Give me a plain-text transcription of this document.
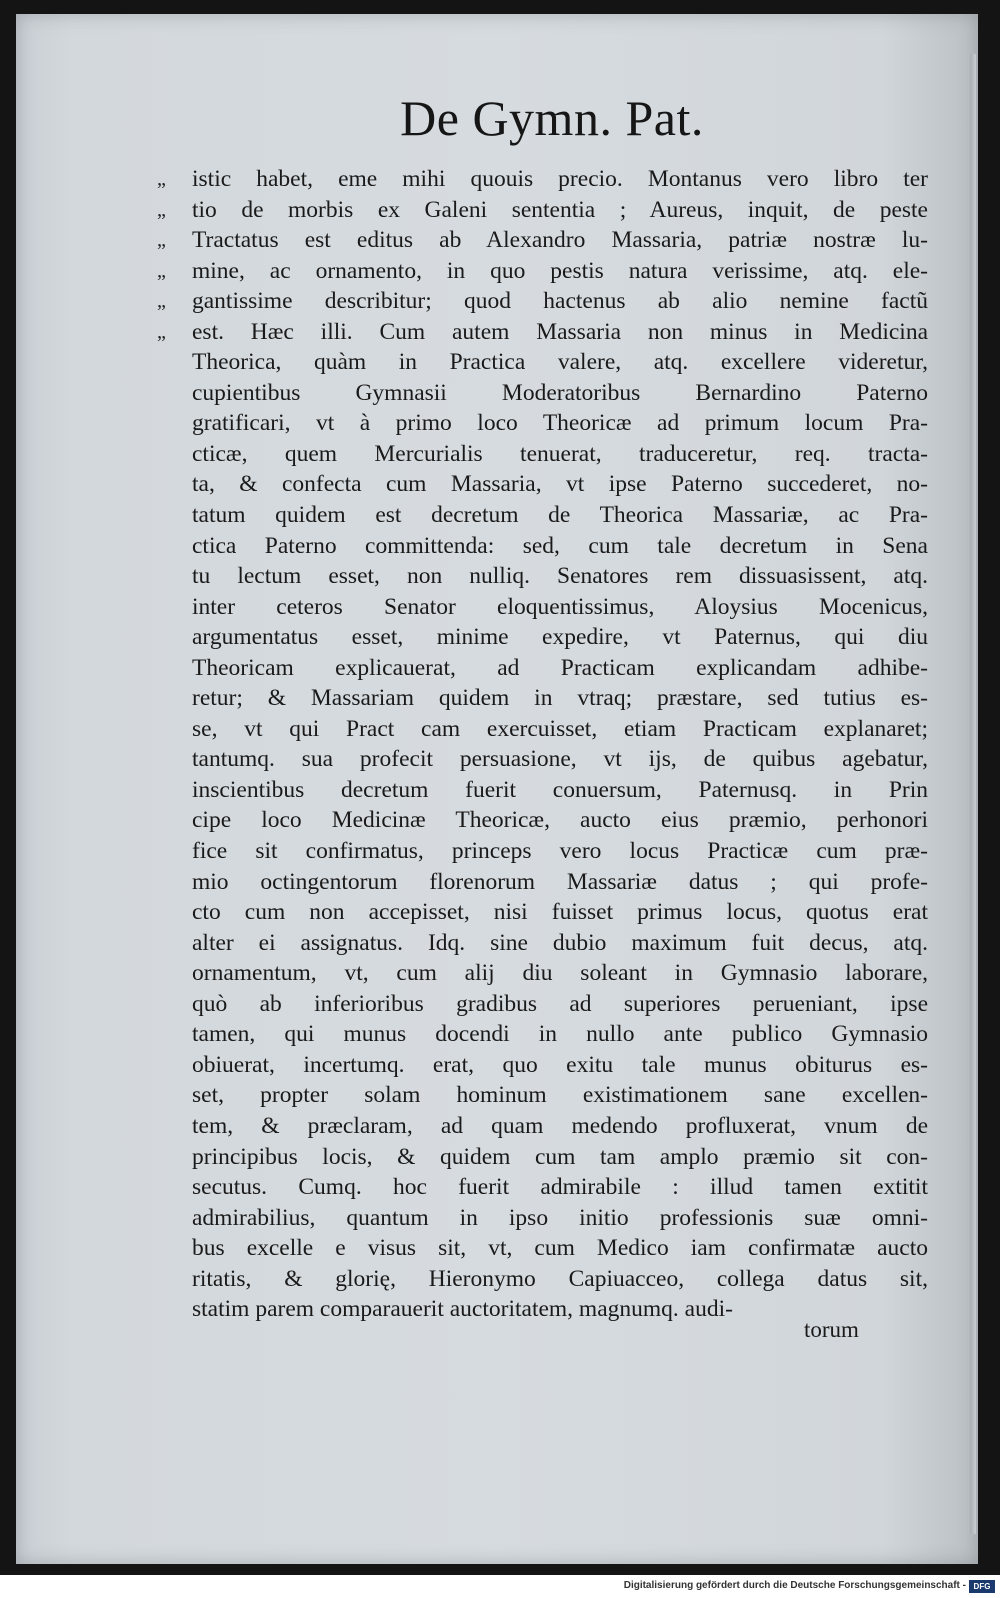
De Gymn. Pat.
„ istic habet, eme mihi quouis precio. Montanus vero libro ter
„ tio de morbis ex Galeni sententia ; Aureus, inquit, de peste
„ Tractatus est editus ab Alexandro Massaria, patriæ nostræ lu-
„ mine, ac ornamento, in quo pestis natura verissime, atq. ele-
„ gantissime describitur; quod hactenus ab alio nemine factũ
„ est. Hæc illi. Cum autem Massaria non minus in Medicina
Theorica, quàm in Practica valere, atq. excellere videretur,
cupientibus Gymnasii Moderatoribus Bernardino Paterno
gratificari, vt à primo loco Theoricæ ad primum locum Pra-
cticæ, quem Mercurialis tenuerat, traduceretur, req. tracta-
ta, & confecta cum Massaria, vt ipse Paterno succederet, no-
tatum quidem est decretum de Theorica Massariæ, ac Pra-
ctica Paterno committenda: sed, cum tale decretum in Sena
tu lectum esset, non nulliq. Senatores rem dissuasissent, atq.
inter ceteros Senator eloquentissimus, Aloysius Mocenicus,
argumentatus esset, minime expedire, vt Paternus, qui diu
Theoricam explicauerat, ad Practicam explicandam adhibe-
retur; & Massariam quidem in vtraq; præstare, sed tutius es-
se, vt qui Pract cam exercuisset, etiam Practicam explanaret;
tantumq. sua profecit persuasione, vt ijs, de quibus agebatur,
inscientibus decretum fuerit conuersum, Paternusq. in Prin
cipe loco Medicinæ Theoricæ, aucto eius præmio, perhonori
fice sit confirmatus, princeps vero locus Practicæ cum præ-
mio octingentorum florenorum Massariæ datus ; qui profe-
cto cum non accepisset, nisi fuisset primus locus, quotus erat
alter ei assignatus. Idq. sine dubio maximum fuit decus, atq.
ornamentum, vt, cum alij diu soleant in Gymnasio laborare,
quò ab inferioribus gradibus ad superiores perueniant, ipse
tamen, qui munus docendi in nullo ante publico Gymnasio
obiuerat, incertumq. erat, quo exitu tale munus obiturus es-
set, propter solam hominum existimationem sane excellen-
tem, & præclaram, ad quam medendo profluxerat, vnum de
principibus locis, & quidem cum tam amplo præmio sit con-
secutus. Cumq. hoc fuerit admirabile : illud tamen extitit
admirabilius, quantum in ipso initio professionis suæ omni-
bus excelle e visus sit, vt, cum Medico iam confirmatæ aucto
ritatis, & glorię, Hieronymo Capiuacceo, collega datus sit,
statim parem comparauerit auctoritatem, magnumq. audi-
torum
Digitalisierung gefördert durch die Deutsche Forschungsgemeinschaft - DFG
